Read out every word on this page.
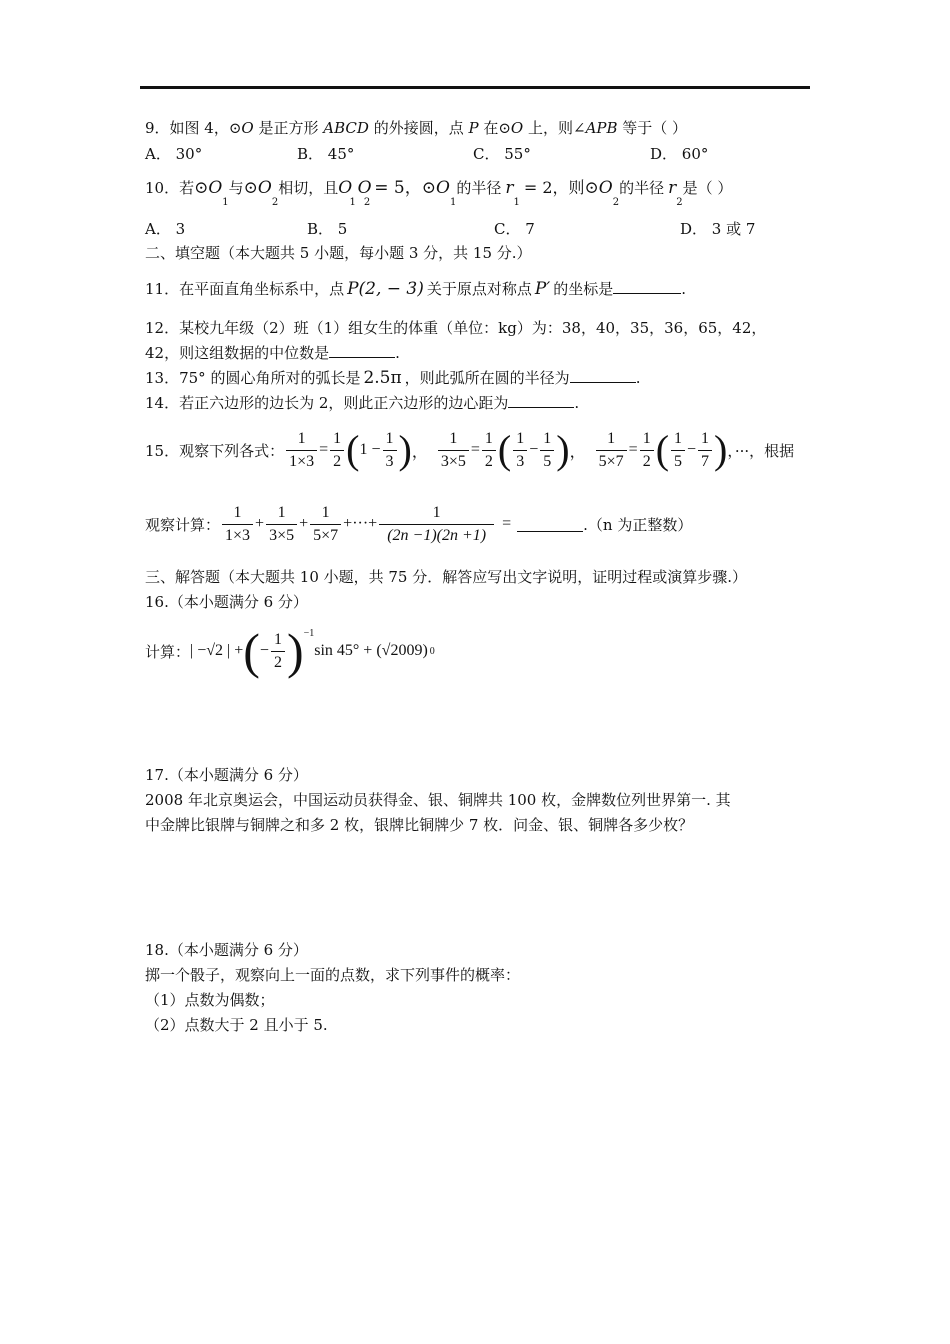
9．如图 4，⊙O 是正方形 ABCD 的外接圆，点 P 在⊙O 上，则∠APB 等于（ ）
A． 30°	B． 45°	C． 55°	D． 60°
10．若$⊙O_1$与$⊙O_2$相切，且O $O_1$ $_2$= 5，$⊙O_1$的半径 $r_1= 2$，则$⊙O_2$的半径 $r_2$是（ ）
A． 3	B． 5	C． 7	D． 3 或 7
二、填空题（本大题共 5 小题，每小题 3 分，共 15 分.）
11．在平面直角坐标系中，点 P(2, − 3) 关于原点对称点 P′ 的坐标是	.
12．某校九年级（2）班（1）组女生的体重（单位：kg）为：38，40，35，36，65，42，
42，则这组数据的中位数是	.
13．75° 的圆心角所对的弧长是 2.5π ，则此弧所在圆的半径为	.
14．若正六边形的边长为 2，则此正六边形的边心距为	.
15．观察下列各式： $\frac{1}{1\times 3} = \frac{1}{2}$ ( $1 - \frac{1}{3}$ ) ， $\frac{1}{3\times 5} = \frac{1}{2}$ ( $\frac{1}{3} - \frac{1}{5}$ ) ， $\frac{1}{5\times 7} = \frac{1}{2}$ ( $\frac{1}{5} - \frac{1}{7}$ ) ，···，根据
观察计算： $\frac{1}{1\times 3} + \frac{1}{3\times 5} + \frac{1}{5\times 7}$ +···+ $\frac{1}{(2n -1)(2n +1)}$ =	.（n 为正整数）
三、解答题（本大题共 10 小题，共 75 分．解答应写出文字说明，证明过程或演算步骤.）
16.（本小题满分 6 分）
计算： | −√2 | + ( − $\frac{1}{2} )^{-1}$
sin 45° + (√2009) 0
17.（本小题满分 6 分）
2008 年北京奥运会，中国运动员获得金、银、铜牌共 100 枚，金牌数位列世界第一. 其
中金牌比银牌与铜牌之和多 2 枚，银牌比铜牌少 7 枚．问金、银、铜牌各多少枚？
18.（本小题满分 6 分）
掷一个骰子，观察向上一面的点数，求下列事件的概率：
（1）点数为偶数；
（2）点数大于 2 且小于 5.
